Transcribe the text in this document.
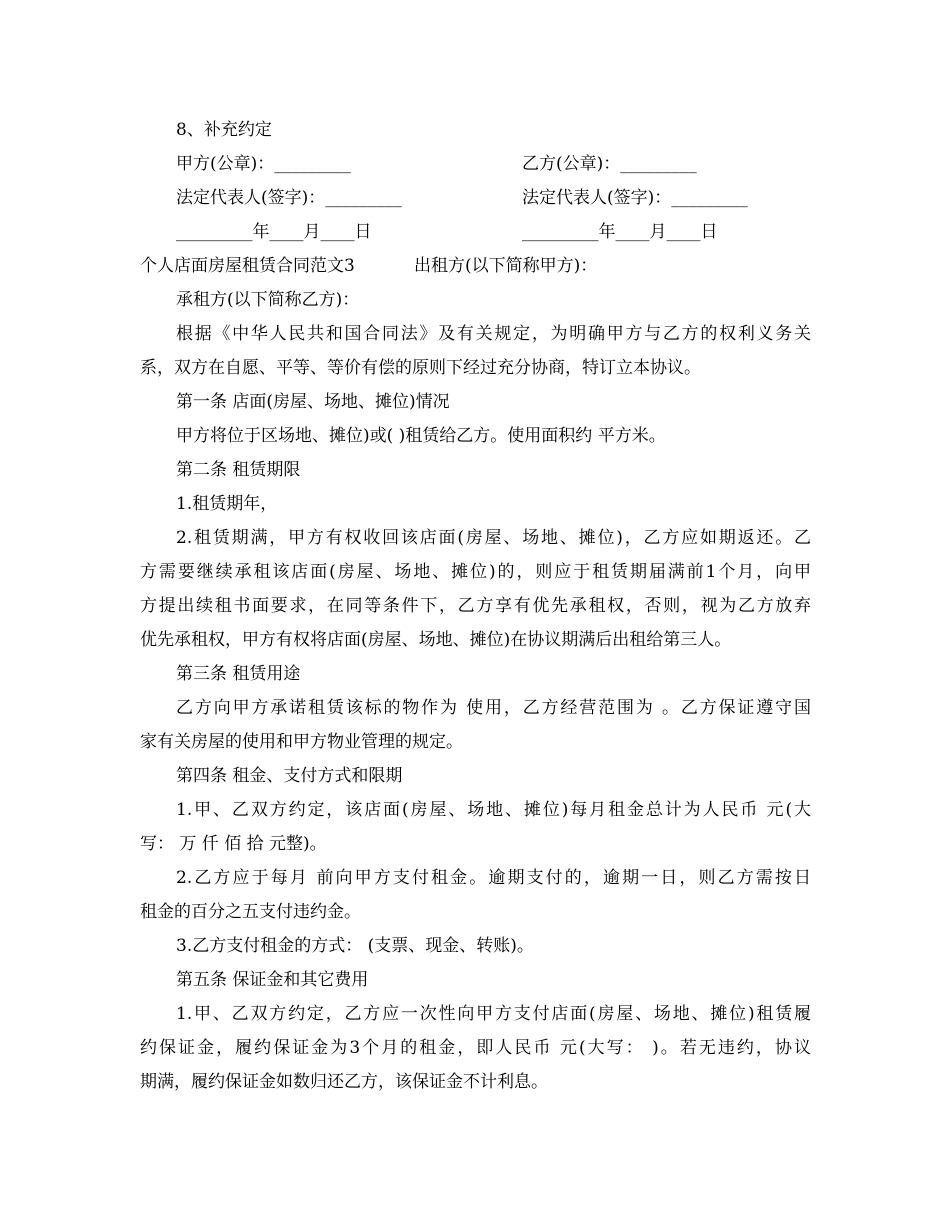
8、补充约定
甲方(公章)：_________	乙方(公章)：_________
法定代表人(签字)：_________	法定代表人(签字)：_________
_________年____月____日	_________年____月____日
个人店面房屋租赁合同范文3	出租方(以下简称甲方)：
承租方(以下简称乙方)：
根据《中华人民共和国合同法》及有关规定，为明确甲方与乙方的权利义务关
系，双方在自愿、平等、等价有偿的原则下经过充分协商，特订立本协议。
第一条 店面(房屋、场地、摊位)情况
甲方将位于区场地、摊位)或( )租赁给乙方。使用面积约 平方米。
第二条 租赁期限
1.租赁期年，
2.租赁期满，甲方有权收回该店面(房屋、场地、摊位)，乙方应如期返还。乙
方需要继续承租该店面(房屋、场地、摊位)的，则应于租赁期届满前1个月，向甲
方提出续租书面要求，在同等条件下，乙方享有优先承租权，否则，视为乙方放弃
优先承租权，甲方有权将店面(房屋、场地、摊位)在协议期满后出租给第三人。
第三条 租赁用途
乙方向甲方承诺租赁该标的物作为 使用，乙方经营范围为 。乙方保证遵守国
家有关房屋的使用和甲方物业管理的规定。
第四条 租金、支付方式和限期
1.甲、乙双方约定，该店面(房屋、场地、摊位)每月租金总计为人民币 元(大
写： 万 仟 佰 拾 元整)。
2.乙方应于每月 前向甲方支付租金。逾期支付的，逾期一日，则乙方需按日
租金的百分之五支付违约金。
3.乙方支付租金的方式： (支票、现金、转账)。
第五条 保证金和其它费用
1.甲、乙双方约定，乙方应一次性向甲方支付店面(房屋、场地、摊位)租赁履
约保证金，履约保证金为3个月的租金，即人民币 元(大写： )。若无违约，协议
期满，履约保证金如数归还乙方，该保证金不计利息。
